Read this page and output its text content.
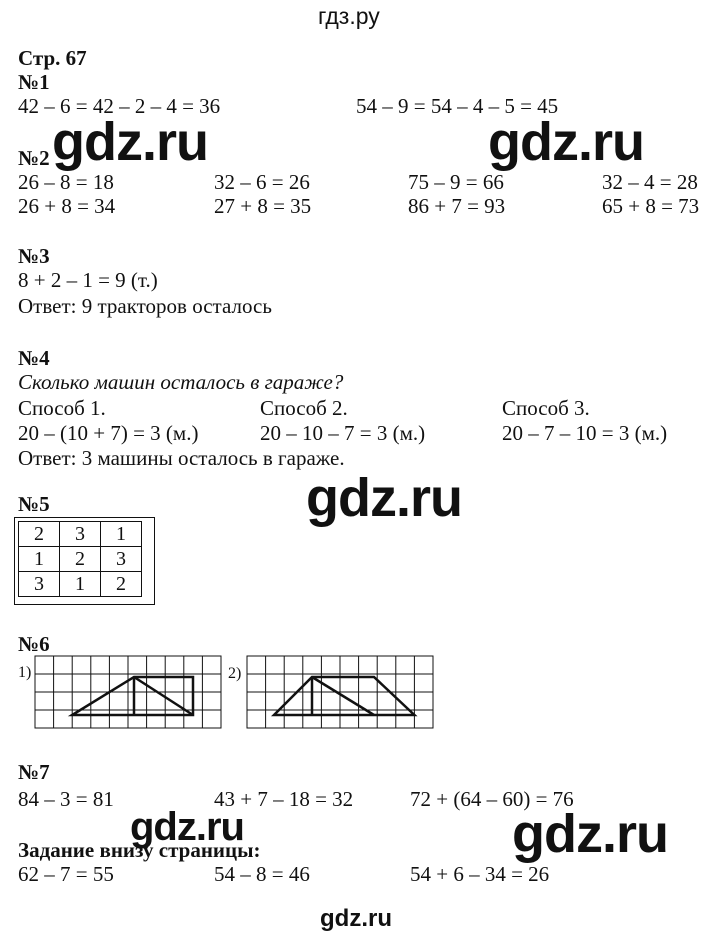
гдз.ру
Стр. 67
№1
42 – 6 = 42 – 2 – 4 = 36	54 – 9 = 54 – 4 – 5 = 45
gdz.ru	gdz.ru
№2
26 – 8 = 18	32 – 6 = 26	75 – 9 = 66	32 – 4 = 28
26 + 8 = 34	27 + 8 = 35	86 + 7 = 93	65 + 8 = 73
№3
8 + 2 – 1 = 9 (т.)
Ответ: 9 тракторов осталось
№4
Сколько машин осталось в гараже?
Способ 1.	Способ 2.	Способ 3.
20 – (10 + 7) = 3 (м.)	20 – 10 – 7 = 3 (м.)	20 – 7 – 10 = 3 (м.)
Ответ: 3 машины осталось в гараже.
gdz.ru
№5
2	3	1
1	2	3
3	1	2
№6
1)	2)
№7
84 – 3 = 81	43 + 7 – 18 = 32	72 + (64 – 60) = 76
gdz.ru	gdz.ru
Задание внизу страницы:
62 – 7 = 55	54 – 8 = 46	54 + 6 – 34 = 26
gdz.ru
